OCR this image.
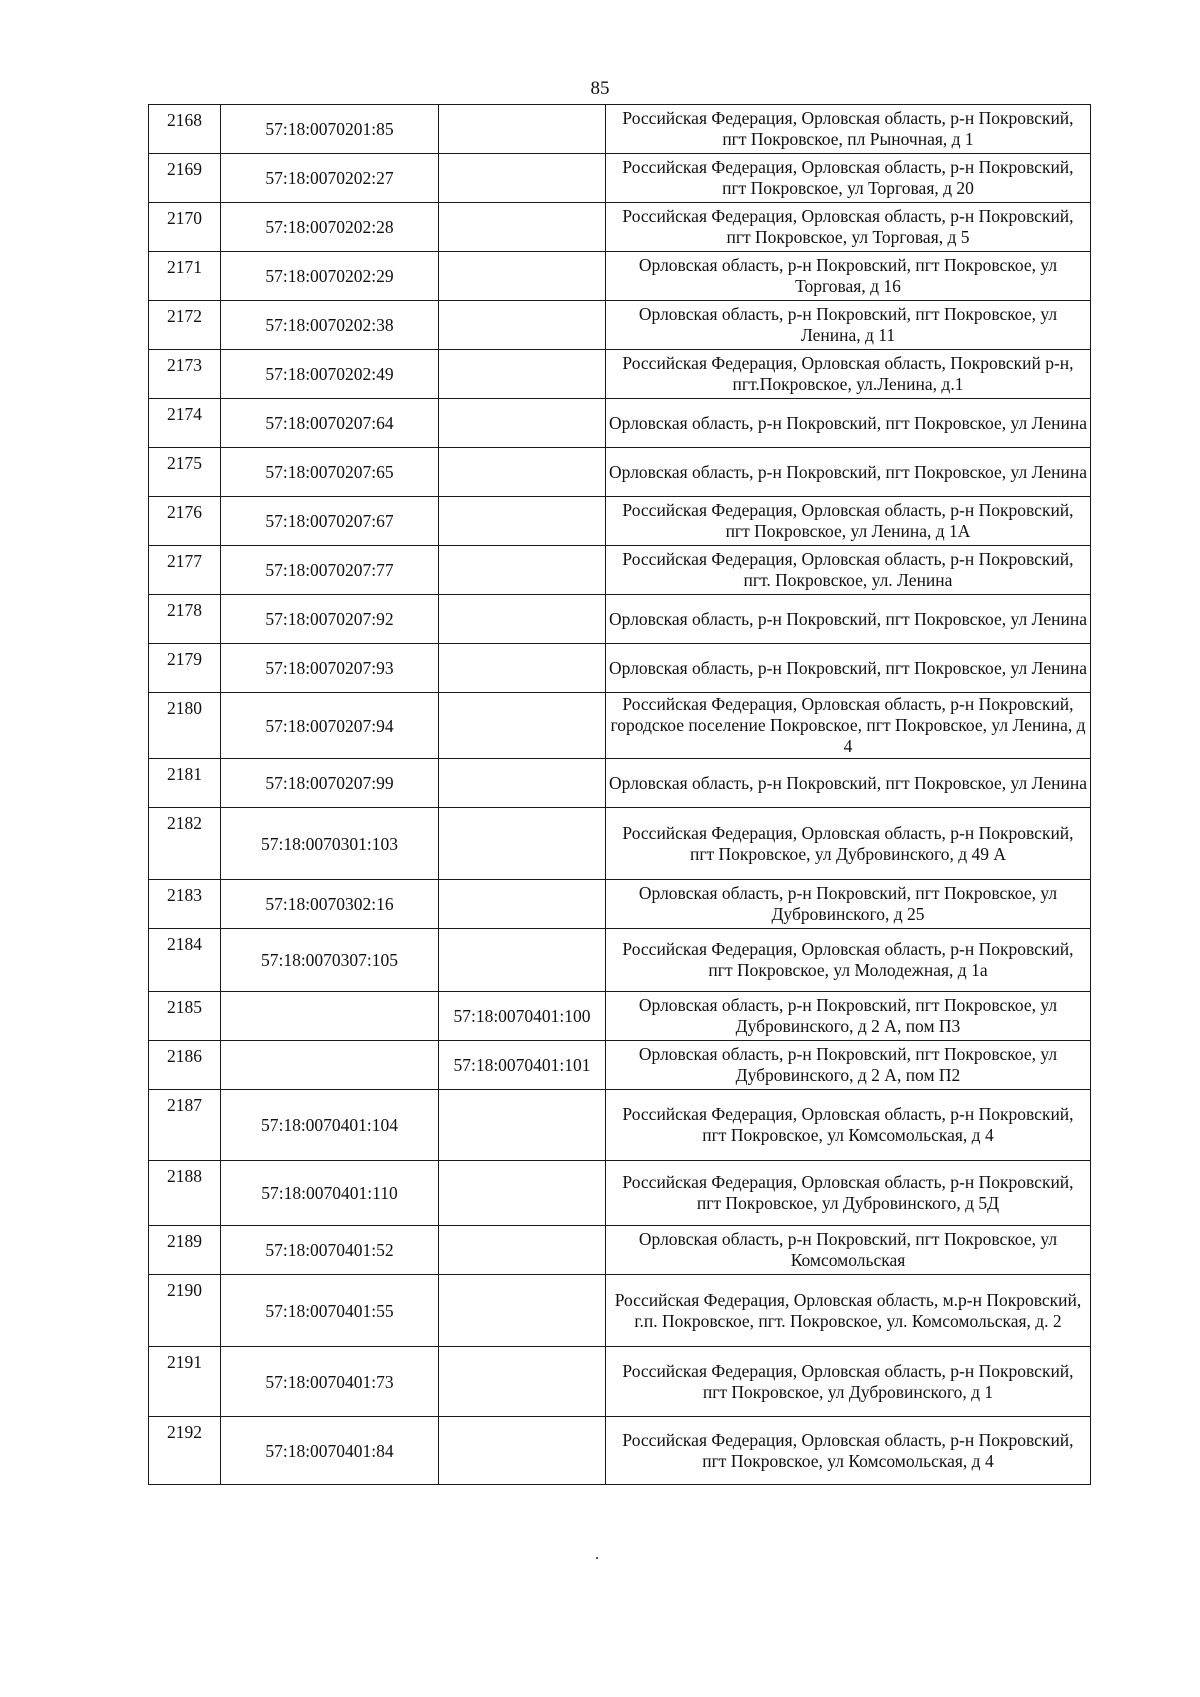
85
2168	57:18:0070201:85		Российская Федерация, Орловская область, р-н Покровский, пгт Покровское, пл Рыночная, д 1
2169	57:18:0070202:27		Российская Федерация, Орловская область, р-н Покровский, пгт Покровское, ул Торговая, д 20
2170	57:18:0070202:28		Российская Федерация, Орловская область, р-н Покровский, пгт Покровское, ул Торговая, д 5
2171	57:18:0070202:29		Орловская область, р-н Покровский, пгт Покровское, ул Торговая, д 16
2172	57:18:0070202:38		Орловская область, р-н Покровский, пгт Покровское, ул Ленина, д 11
2173	57:18:0070202:49		Российская Федерация, Орловская область, Покровский р-н, пгт.Покровское, ул.Ленина, д.1
2174	57:18:0070207:64		Орловская область, р-н Покровский, пгт Покровское, ул Ленина
2175	57:18:0070207:65		Орловская область, р-н Покровский, пгт Покровское, ул Ленина
2176	57:18:0070207:67		Российская Федерация, Орловская область, р-н Покровский, пгт Покровское, ул Ленина, д 1А
2177	57:18:0070207:77		Российская Федерация, Орловская область, р-н Покровский, пгт. Покровское, ул. Ленина
2178	57:18:0070207:92		Орловская область, р-н Покровский, пгт Покровское, ул Ленина
2179	57:18:0070207:93		Орловская область, р-н Покровский, пгт Покровское, ул Ленина
2180	57:18:0070207:94		Российская Федерация, Орловская область, р-н Покровский, городское поселение Покровское, пгт Покровское, ул Ленина, д 4
2181	57:18:0070207:99		Орловская область, р-н Покровский, пгт Покровское, ул Ленина
2182	57:18:0070301:103		Российская Федерация, Орловская область, р-н Покровский, пгт Покровское, ул Дубровинского, д 49 А
2183	57:18:0070302:16		Орловская область, р-н Покровский, пгт Покровское, ул Дубровинского, д 25
2184	57:18:0070307:105		Российская Федерация, Орловская область, р-н Покровский, пгт Покровское, ул Молодежная, д 1а
2185		57:18:0070401:100	Орловская область, р-н Покровский, пгт Покровское, ул Дубровинского, д 2 А, пом П3
2186		57:18:0070401:101	Орловская область, р-н Покровский, пгт Покровское, ул Дубровинского, д 2 А, пом П2
2187	57:18:0070401:104		Российская Федерация, Орловская область, р-н Покровский, пгт Покровское, ул Комсомольская, д 4
2188	57:18:0070401:110		Российская Федерация, Орловская область, р-н Покровский, пгт Покровское, ул Дубровинского, д 5Д
2189	57:18:0070401:52		Орловская область, р-н Покровский, пгт Покровское, ул Комсомольская
2190	57:18:0070401:55		Российская Федерация, Орловская область, м.р-н Покровский, г.п. Покровское, пгт. Покровское, ул. Комсомольская, д. 2
2191	57:18:0070401:73		Российская Федерация, Орловская область, р-н Покровский, пгт Покровское, ул Дубровинского, д 1
2192	57:18:0070401:84		Российская Федерация, Орловская область, р-н Покровский, пгт Покровское, ул Комсомольская, д 4
